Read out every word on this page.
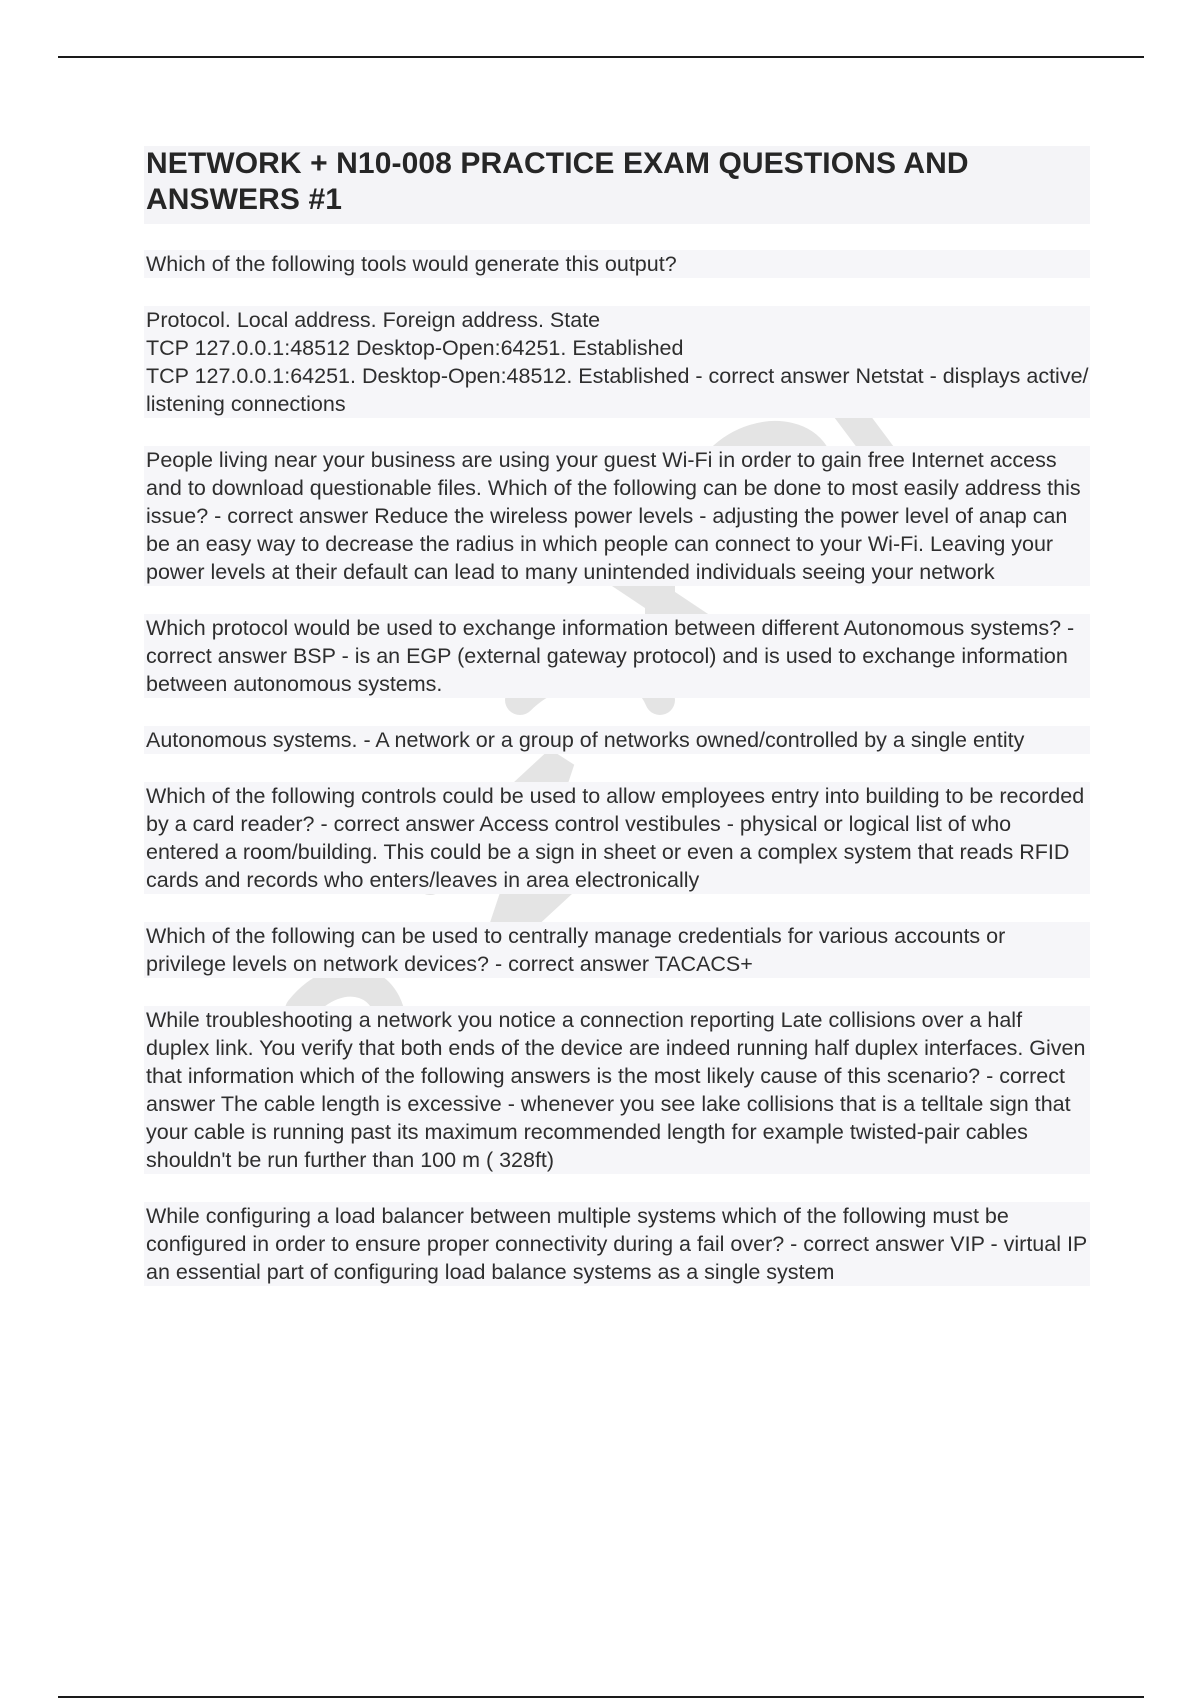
NETWORK + N10-008 PRACTICE EXAM QUESTIONS AND ANSWERS #1

Which of the following tools would generate this output?

Protocol. Local address. Foreign address. State
TCP 127.0.0.1:48512 Desktop-Open:64251. Established
TCP 127.0.0.1:64251. Desktop-Open:48512. Established - correct answer Netstat - displays active/ listening connections

People living near your business are using your guest Wi-Fi in order to gain free Internet access and to download questionable files. Which of the following can be done to most easily address this issue? - correct answer Reduce the wireless power levels - adjusting the power level of anap can be an easy way to decrease the radius in which people can connect to your Wi-Fi. Leaving your power levels at their default can lead to many unintended individuals seeing your network

Which protocol would be used to exchange information between different Autonomous systems? - correct answer BSP - is an EGP (external gateway protocol) and is used to exchange information between autonomous systems.

Autonomous systems. - A network or a group of networks owned/controlled by a single entity

Which of the following controls could be used to allow employees entry into building to be recorded by a card reader? - correct answer Access control vestibules - physical or logical list of who entered a room/building. This could be a sign in sheet or even a complex system that reads RFID cards and records who enters/leaves in area electronically

Which of the following can be used to centrally manage credentials for various accounts or privilege levels on network devices? - correct answer TACACS+

While troubleshooting a network you notice a connection reporting Late collisions over a half duplex link. You verify that both ends of the device are indeed running half duplex interfaces. Given that information which of the following answers is the most likely cause of this scenario? - correct answer The cable length is excessive - whenever you see lake collisions that is a telltale sign that your cable is running past its maximum recommended length for example twisted-pair cables shouldn't be run further than 100 m ( 328ft)

While configuring a load balancer between multiple systems which of the following must be configured in order to ensure proper connectivity during a fail over? - correct answer VIP - virtual IP an essential part of configuring load balance systems as a single system
